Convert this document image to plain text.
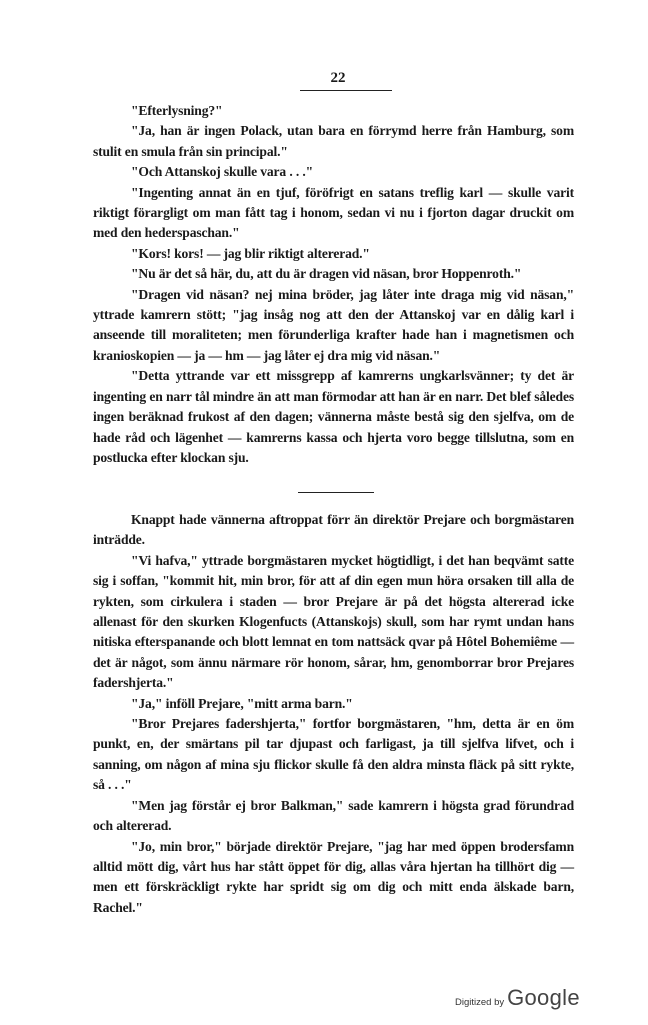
22

"Efterlysning?"

"Ja, han är ingen Polack, utan bara en förrymd herre från Hamburg, som stulit en smula från sin principal."

"Och Attanskoj skulle vara . . ."

"Ingenting annat än en tjuf, föröfrigt en satans treflig karl — skulle varit riktigt förargligt om man fått tag i honom, sedan vi nu i fjorton dagar druckit om med den hederspaschan."

"Kors! kors! — jag blir riktigt altererad."

"Nu är det så här, du, att du är dragen vid näsan, bror Hoppenroth."

"Dragen vid näsan? nej mina bröder, jag låter inte draga mig vid näsan," yttrade kamrern stött; "jag insåg nog att den der Attanskoj var en dålig karl i anseende till moraliteten; men förunderliga krafter hade han i magnetismen och kranioskopien — ja — hm — jag låter ej dra mig vid näsan."

"Detta yttrande var ett missgrepp af kamrerns ungkarlsvänner; ty det är ingenting en narr tål mindre än att man förmodar att han är en narr. Det blef således ingen beräknad frukost af den dagen; vännerna måste bestå sig den sjelfva, om de hade råd och lägenhet — kamrerns kassa och hjerta voro begge tillslutna, som en postlucka efter klockan sju.

Knappt hade vännerna aftroppat förr än direktör Prejare och borgmästaren inträdde.

"Vi hafva," yttrade borgmästaren mycket högtidligt, i det han beqvämt satte sig i soffan, "kommit hit, min bror, för att af din egen mun höra orsaken till alla de rykten, som cirkulera i staden — bror Prejare är på det högsta altererad icke allenast för den skurken Klogenfucts (Attanskojs) skull, som har rymt undan hans nitiska efterspanande och blott lemnat en tom nattsäck qvar på Hôtel Bohemiême — det är något, som ännu närmare rör honom, sårar, hm, genomborrar bror Prejares fadershjerta."

"Ja," inföll Prejare, "mitt arma barn."

"Bror Prejares fadershjerta," fortfor borgmästaren, "hm, detta är en öm punkt, en, der smärtans pil tar djupast och farligast, ja till sjelfva lifvet, och i sanning, om någon af mina sju flickor skulle få den aldra minsta fläck på sitt rykte, så . . ."

"Men jag förstår ej bror Balkman," sade kamrern i högsta grad förundrad och altererad.

"Jo, min bror," började direktör Prejare, "jag har med öppen brodersfamn alltid mött dig, vårt hus har stått öppet för dig, allas våra hjertan ha tillhört dig — men ett förskräckligt rykte har spridt sig om dig och mitt enda älskade barn, Rachel."

Digitized by Google
